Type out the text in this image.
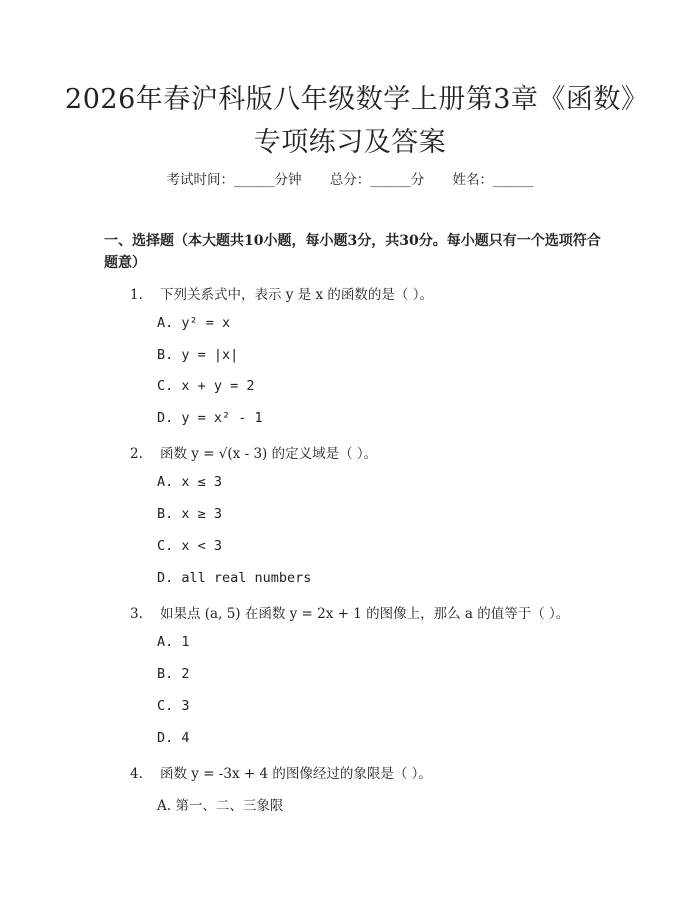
2026年春沪科版八年级数学上册第3章《函数》专项练习及答案
考试时间：______分钟 总分：______分 姓名：______

一、选择题（本大题共10小题，每小题3分，共30分。每小题只有一个选项符合题意）

1. 下列关系式中，表示 y 是 x 的函数的是（ ）。
A. y² = x
B. y = |x|
C. x + y = 2
D. y = x² - 1
2. 函数 y = √(x - 3) 的定义域是（ ）。
A. x ≤ 3
B. x ≥ 3
C. x < 3
D. all real numbers
3. 如果点 (a, 5) 在函数 y = 2x + 1 的图像上，那么 a 的值等于（ ）。
A. 1
B. 2
C. 3
D. 4
4. 函数 y = -3x + 4 的图像经过的象限是（ ）。
A. 第一、二、三象限
